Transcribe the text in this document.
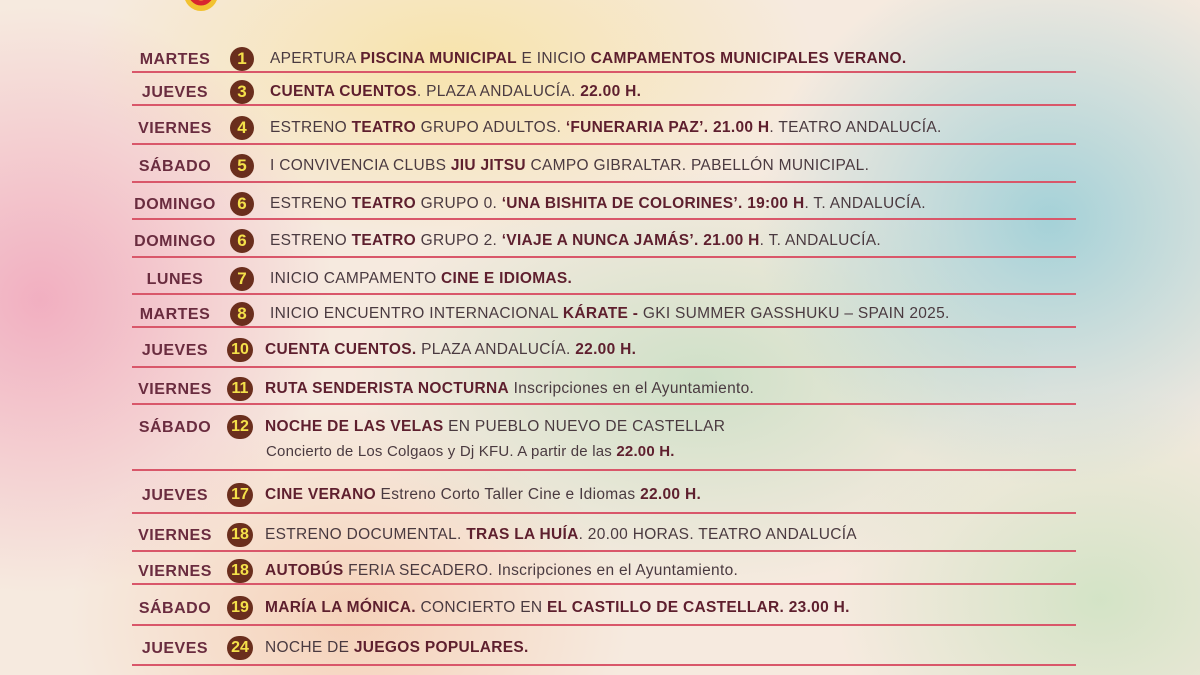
MARTES	1	APERTURA PISCINA MUNICIPAL E INICIO CAMPAMENTOS MUNICIPALES VERANO.
JUEVES	3	CUENTA CUENTOS. PLAZA ANDALUCÍA. 22.00 H.
VIERNES	4	ESTRENO TEATRO GRUPO ADULTOS. ‘FUNERARIA PAZ’. 21.00 H. TEATRO ANDALUCÍA.
SÁBADO	5	I CONVIVENCIA CLUBS JIU JITSU CAMPO GIBRALTAR. PABELLÓN MUNICIPAL.
DOMINGO	6	ESTRENO TEATRO GRUPO 0. ‘UNA BISHITA DE COLORINES’. 19:00 H. T. ANDALUCÍA.
DOMINGO	6	ESTRENO TEATRO GRUPO 2. ‘VIAJE A NUNCA JAMÁS’. 21.00 H. T. ANDALUCÍA.
LUNES	7	INICIO CAMPAMENTO CINE E IDIOMAS.
MARTES	8	INICIO ENCUENTRO INTERNACIONAL KÁRATE - GKI SUMMER GASSHUKU – SPAIN 2025.
JUEVES	10 CUENTA CUENTOS. PLAZA ANDALUCÍA. 22.00 H.
VIERNES	11 RUTA SENDERISTA NOCTURNA Inscripciones en el Ayuntamiento.
SÁBADO	12 NOCHE DE LAS VELAS EN PUEBLO NUEVO DE CASTELLAR
Concierto de Los Colgaos y Dj KFU. A partir de las 22.00 H.
JUEVES	17 CINE VERANO Estreno Corto Taller Cine e Idiomas 22.00 H.
VIERNES	18 ESTRENO DOCUMENTAL. TRAS LA HUÍA. 20.00 HORAS. TEATRO ANDALUCÍA
VIERNES	18 AUTOBÚS FERIA SECADERO. Inscripciones en el Ayuntamiento.
SÁBADO	19 MARÍA LA MÓNICA. CONCIERTO EN EL CASTILLO DE CASTELLAR. 23.00 H.
JUEVES	24 NOCHE DE JUEGOS POPULARES.
